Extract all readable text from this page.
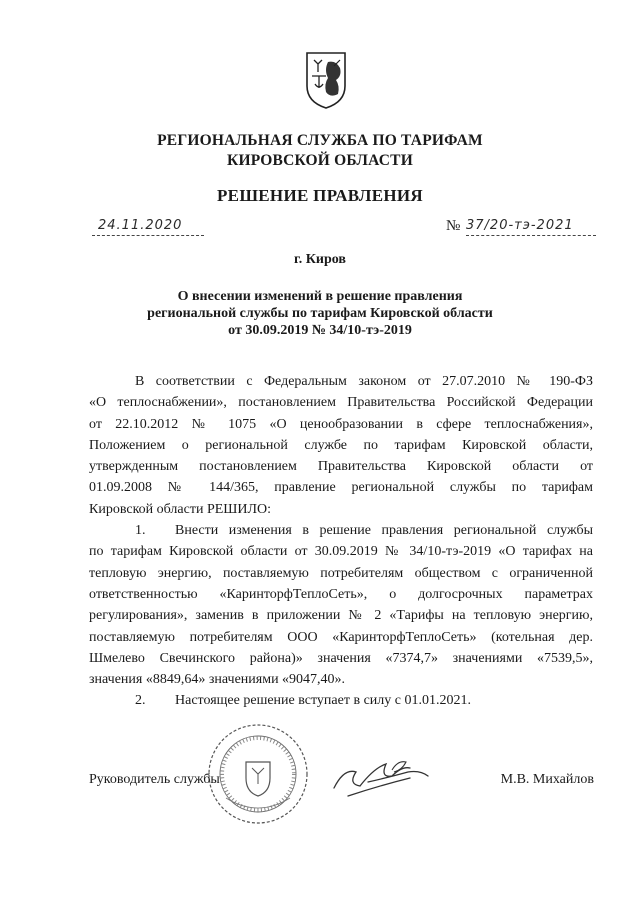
РЕГИОНАЛЬНАЯ СЛУЖБА ПО ТАРИФАМ
КИРОВСКОЙ ОБЛАСТИ
РЕШЕНИЕ ПРАВЛЕНИЯ
24.11.2020	№ 37/20-тэ-2021
г. Киров
О внесении изменений в решение правления
региональной службы по тарифам Кировской области
от 30.09.2019 № 34/10-тэ-2019
В соответствии с Федеральным законом от 27.07.2010 № 190-ФЗ
«О теплоснабжении», постановлением Правительства Российской Федерации
от 22.10.2012 № 1075 «О ценообразовании в сфере теплоснабжения»,
Положением о региональной службе по тарифам Кировской области,
утвержденным постановлением Правительства Кировской области от
01.09.2008 № 144/365, правление региональной службы по тарифам
Кировской области РЕШИЛО:
1. Внести изменения в решение правления региональной службы
по тарифам Кировской области от 30.09.2019 № 34/10-тэ-2019 «О тарифах на
тепловую энергию, поставляемую потребителям обществом с ограниченной
ответственностью «КаринторфТеплоСеть», о долгосрочных параметрах
регулирования», заменив в приложении № 2 «Тарифы на тепловую энергию,
поставляемую потребителям ООО «КаринторфТеплоСеть» (котельная дер.
Шмелево Свечинского района)» значения «7374,7» значениями «7539,5»,
значения «8849,64» значениями «9047,40».
2. Настоящее решение вступает в силу с 01.01.2021.
Руководитель службы	М.В. Михайлов
